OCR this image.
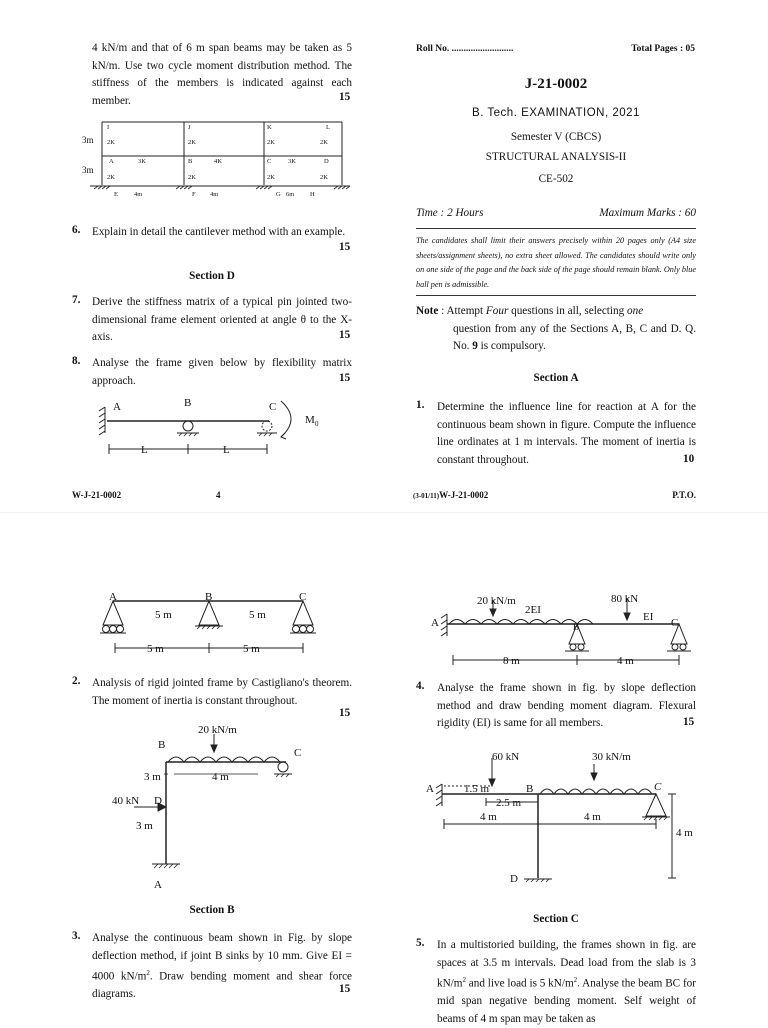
4 kN/m and that of 6 m span beams may be taken as 5 kN/m. Use two cycle moment distribution method. The stiffness of the members is indicated against each member.	15
3m
3m
I	J	K	L
2K	2K	2K	2K
A	B	C	D
3K	4K	3K
2K	2K	2K	2K
E	F	G	H
4m	4m	6m
6. Explain in detail the cantilever method with an example.
15
Section D
7. Derive the stiffness matrix of a typical pin jointed two-dimensional frame element oriented at angle θ to the X-axis.	15
8. Analyse the frame given below by flexibility matrix approach.	15
A	B	C
M 0
L	L
W-J-21-0002	4
Roll No. ..........................	Total Pages : 05
J-21-0002
B. Tech. EXAMINATION, 2021
Semester V (CBCS)
STRUCTURAL ANALYSIS-II
CE-502
Time : 2 Hours	Maximum Marks : 60
The candidates shall limit their answers precisely within 20 pages only (A4 size sheets/assignment sheets), no extra sheet allowed. The candidates should write only on one side of the page and the back side of the page should remain blank. Only blue ball pen is admissible.
Note : Attempt Four questions in all, selecting one
question from any of the Sections A, B, C and D. Q. No. 9 is compulsory.
Section A
1. Determine the influence line for reaction at A for the continuous beam shown in figure. Compute the influence line ordinates at 1 m intervals. The moment of inertia is constant throughout.	10
(3-01/11)W-J-21-0002	P.T.O.
A	B	C
5 m	5 m
5 m	5 m
2. Analysis of rigid jointed frame by Castigliano's theorem. The moment of inertia is constant throughout.
15
20 kN/m
B
C
3 m	4 m
40 kN D
3 m
A
Section B
3. Analyse the continuous beam shown in Fig. by slope deflection method, if joint B sinks by 10 mm. Give EI = 4000 $kN/m^2$. Draw bending moment and shear force diagrams.	15
20 kN/m
2EI
80 kN
EI
A	B	C
8 m	4 m
4. Analyse the frame shown in fig. by slope deflection method and draw bending moment diagram. Flexural rigidity (EI) is same for all members.	15
60 kN	30 kN/m
A	B	C
D
1.5 m
2.5 m
4 m	4 m
4 m
Section C
5. In a multistoried building, the frames shown in fig. are spaces at 3.5 m intervals. Dead load from the slab is 3 $kN/m^2$ and live load is 5 $kN/m^2$. Analyse the beam BC for mid span negative bending moment. Self weight of beams of 4 m span may be taken as
